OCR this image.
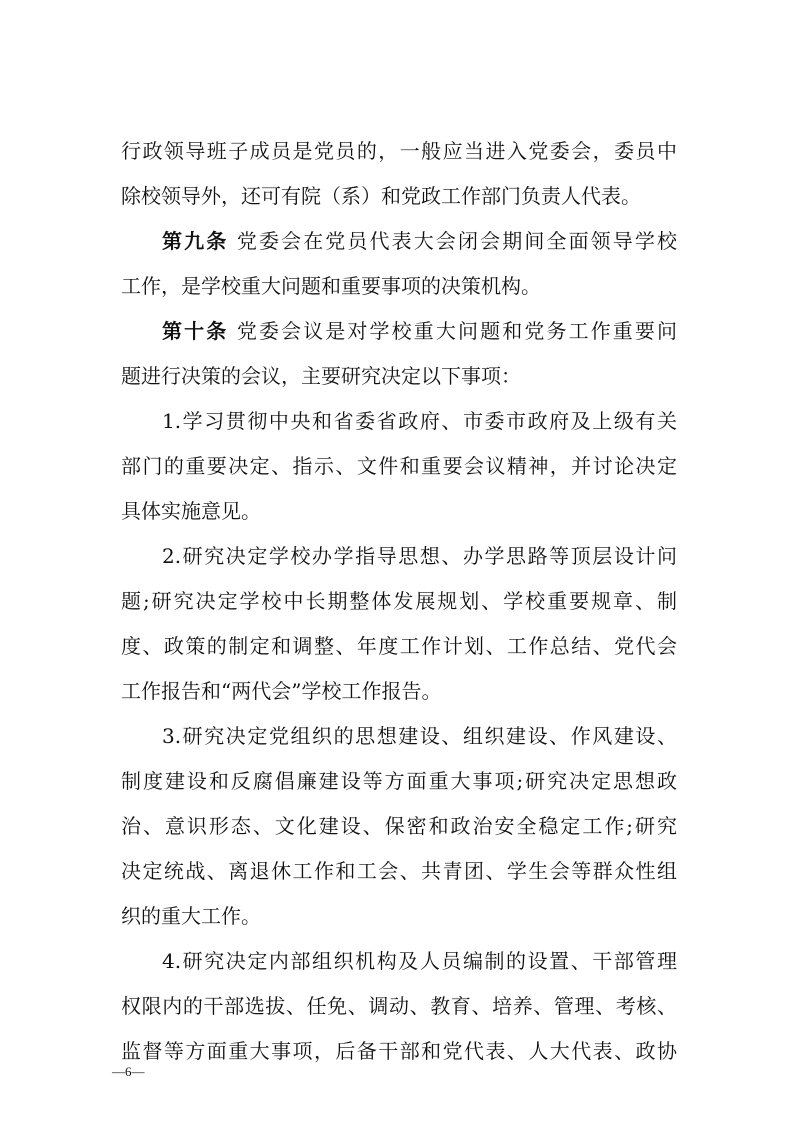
行政领导班子成员是党员的，一般应当进入党委会，委员中

除校领导外，还可有院（系）和党政工作部门负责人代表。

第九条 党委会在党员代表大会闭会期间全面领导学校

工作，是学校重大问题和重要事项的决策机构。

第十条 党委会议是对学校重大问题和党务工作重要问

题进行决策的会议，主要研究决定以下事项：

1.学习贯彻中央和省委省政府、市委市政府及上级有关

部门的重要决定、指示、文件和重要会议精神，并讨论决定

具体实施意见。

2.研究决定学校办学指导思想、办学思路等顶层设计问

题;研究决定学校中长期整体发展规划、学校重要规章、制

度、政策的制定和调整、年度工作计划、工作总结、党代会

工作报告和“两代会”学校工作报告。

3.研究决定党组织的思想建设、组织建设、作风建设、

制度建设和反腐倡廉建设等方面重大事项;研究决定思想政

治、意识形态、文化建设、保密和政治安全稳定工作;研究

决定统战、离退休工作和工会、共青团、学生会等群众性组

织的重大工作。

4.研究决定内部组织机构及人员编制的设置、干部管理

权限内的干部选拔、任免、调动、教育、培养、管理、考核、

监督等方面重大事项，后备干部和党代表、人大代表、政协

—6—
